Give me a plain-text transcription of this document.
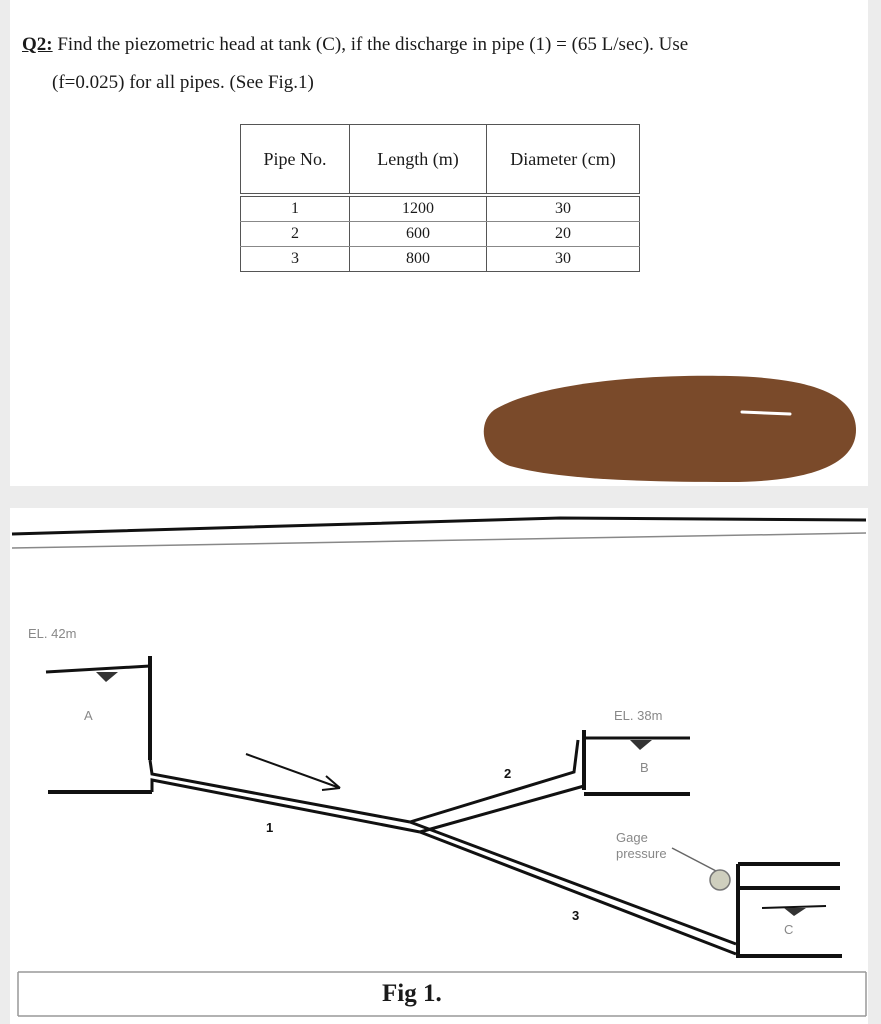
Q2: Find the piezometric head at tank (C), if the discharge in pipe (1) = (65 L/sec). Use
(f=0.025) for all pipes. (See Fig.1)
Pipe No.	Length (m)	Diameter (cm)
1	1200	30
2	600	20
3	800	30
EL. 42m
A	EL. 38m
B
C
1
2
3
Gage
pressure
Fig 1.
